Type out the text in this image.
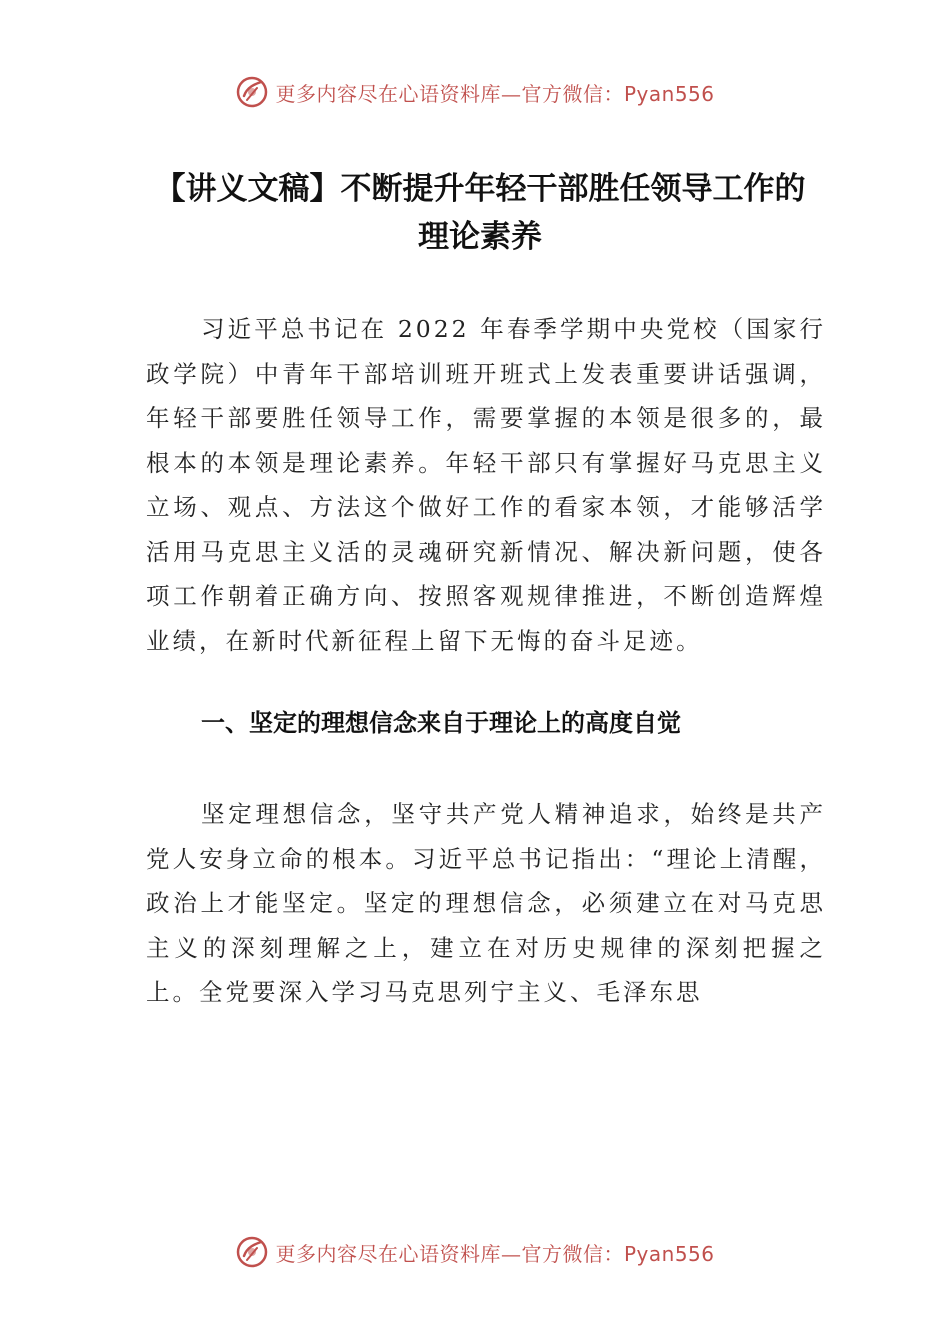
更多内容尽在心语资料库—官方微信：Pyan556
【讲义文稿】不断提升年轻干部胜任领导工作的理论素养

习近平总书记在 2022 年春季学期中央党校（国家行政学院）中青年干部培训班开班式上发表重要讲话强调，年轻干部要胜任领导工作，需要掌握的本领是很多的，最根本的本领是理论素养。年轻干部只有掌握好马克思主义立场、观点、方法这个做好工作的看家本领，才能够活学活用马克思主义活的灵魂研究新情况、解决新问题，使各项工作朝着正确方向、按照客观规律推进，不断创造辉煌业绩，在新时代新征程上留下无悔的奋斗足迹。

一、坚定的理想信念来自于理论上的高度自觉

坚定理想信念，坚守共产党人精神追求，始终是共产党人安身立命的根本。习近平总书记指出：“理论上清醒，政治上才能坚定。坚定的理想信念，必须建立在对马克思主义的深刻理解之上，建立在对历史规律的深刻把握之上。全党要深入学习马克思列宁主义、毛泽东思

更多内容尽在心语资料库—官方微信：Pyan556
